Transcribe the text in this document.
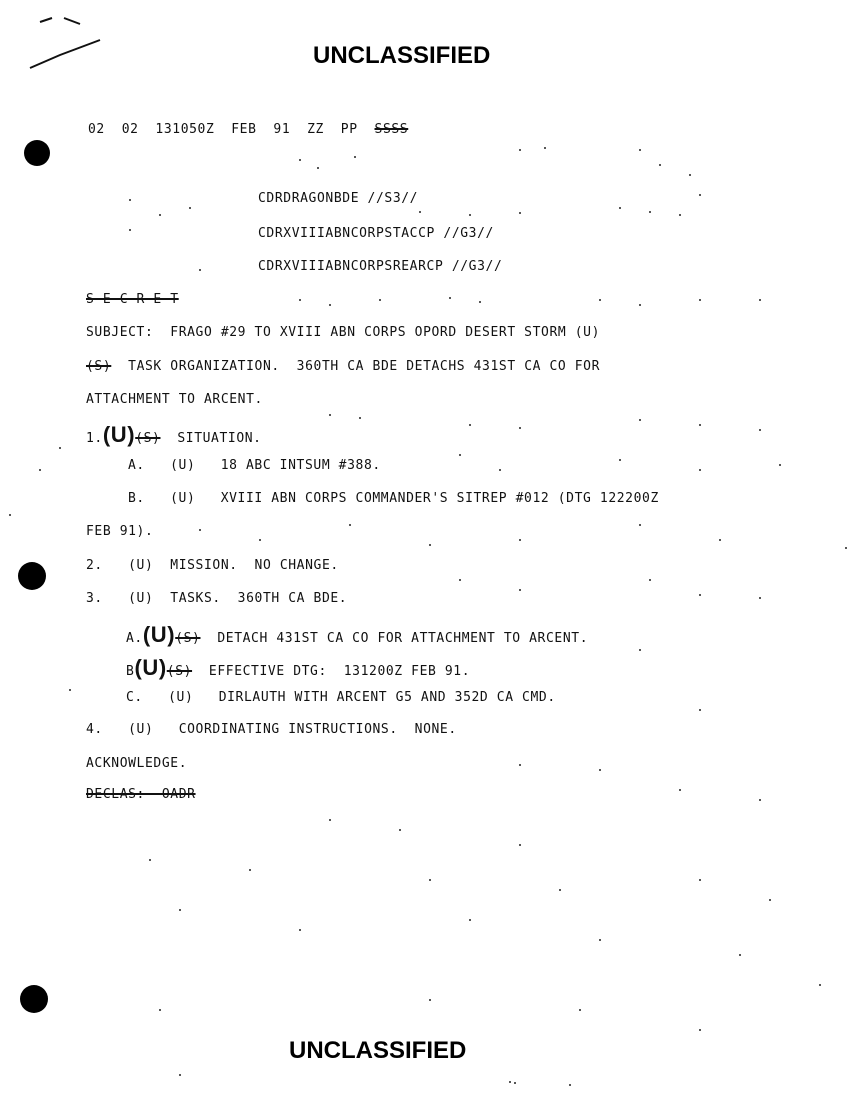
UNCLASSIFIED
02  02  131050Z  FEB  91  ZZ  PP SSSS
CDRDRAGONBDE //S3//
CDRXVIIIABNCORPSTACCP //G3//
CDRXVIIIABNCORPSREARCP //G3//
S E C R E T
SUBJECT:  FRAGO #29 TO XVIII ABN CORPS OPORD DESERT STORM (U)
(S) TASK ORGANIZATION.  360TH CA BDE DETACHS 431ST CA CO FOR
ATTACHMENT TO ARCENT.
1.(U)(S) SITUATION.
A.   (U)   18 ABC INTSUM #388.
B.   (U)   XVIII ABN CORPS COMMANDER'S SITREP #012 (DTG 122200Z
FEB 91).
2.   (U)  MISSION.  NO CHANGE.
3.   (U)  TASKS.  360TH CA BDE.
A.(U)(S) DETACH 431ST CA CO FOR ATTACHMENT TO ARCENT.
B(U)(S) EFFECTIVE DTG:  131200Z FEB 91.
C.   (U)   DIRLAUTH WITH ARCENT G5 AND 352D CA CMD.
4.   (U)   COORDINATING INSTRUCTIONS.  NONE.
ACKNOWLEDGE.
DECLAS:  OADR
UNCLASSIFIED
